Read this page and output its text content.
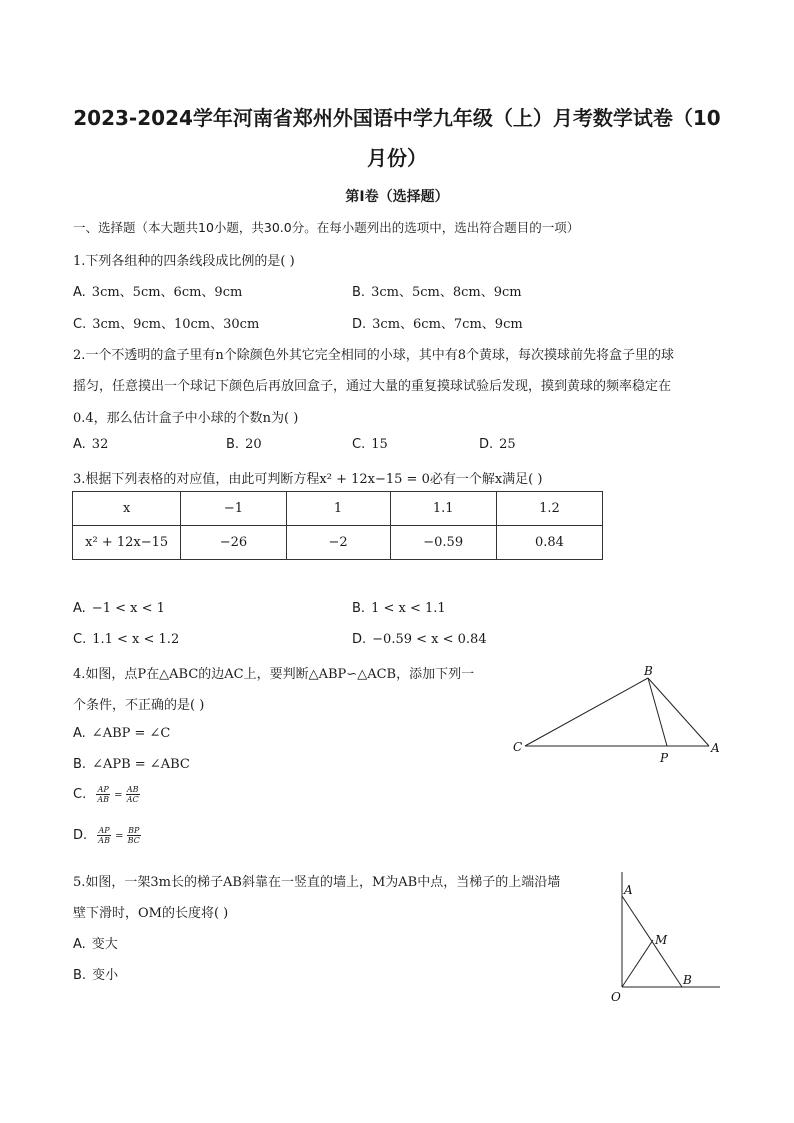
2023-2024学年河南省郑州外国语中学九年级（上）月考数学试卷（10
月份）
第I卷（选择题）
一、选择题（本大题共10小题，共30.0分。在每小题列出的选项中，选出符合题目的一项）
1.下列各组种的四条线段成比例的是( )
A. 3cm、5cm、6cm、9cm	B. 3cm、5cm、8cm、9cm
C. 3cm、9cm、10cm、30cm	D. 3cm、6cm、7cm、9cm
2.一个不透明的盒子里有n个除颜色外其它完全相同的小球，其中有8个黄球，每次摸球前先将盒子里的球
摇匀，任意摸出一个球记下颜色后再放回盒子，通过大量的重复摸球试验后发现，摸到黄球的频率稳定在
0.4，那么估计盒子中小球的个数n为( )
A. 32	B. 20	C. 15	D. 25
3.根据下列表格的对应值，由此可判断方程x² + 12x−15 = 0必有一个解x满足( )
x	−1	1	1.1	1.2
x² + 12x−15	−26	−2	−0.59	0.84
A. −1 < x < 1	B. 1 < x < 1.1
C. 1.1 < x < 1.2	D. −0.59 < x < 0.84
4.如图，点P在△ABC的边AC上，要判断△ABP∽△ACB，添加下列一
个条件，不正确的是( )
A. ∠ABP = ∠C
B. ∠APB = ∠ABC
C. $\frac{AP}{AB} = \frac{AB}{AC}$
D. $\frac{AP}{AB} = \frac{BP}{BC}$
B
C
P
A
5.如图，一架3m长的梯子AB斜靠在一竖直的墙上，M为AB中点，当梯子的上端沿墙
壁下滑时，OM的长度将( )
A. 变大
B. 变小
A
M
B
O
